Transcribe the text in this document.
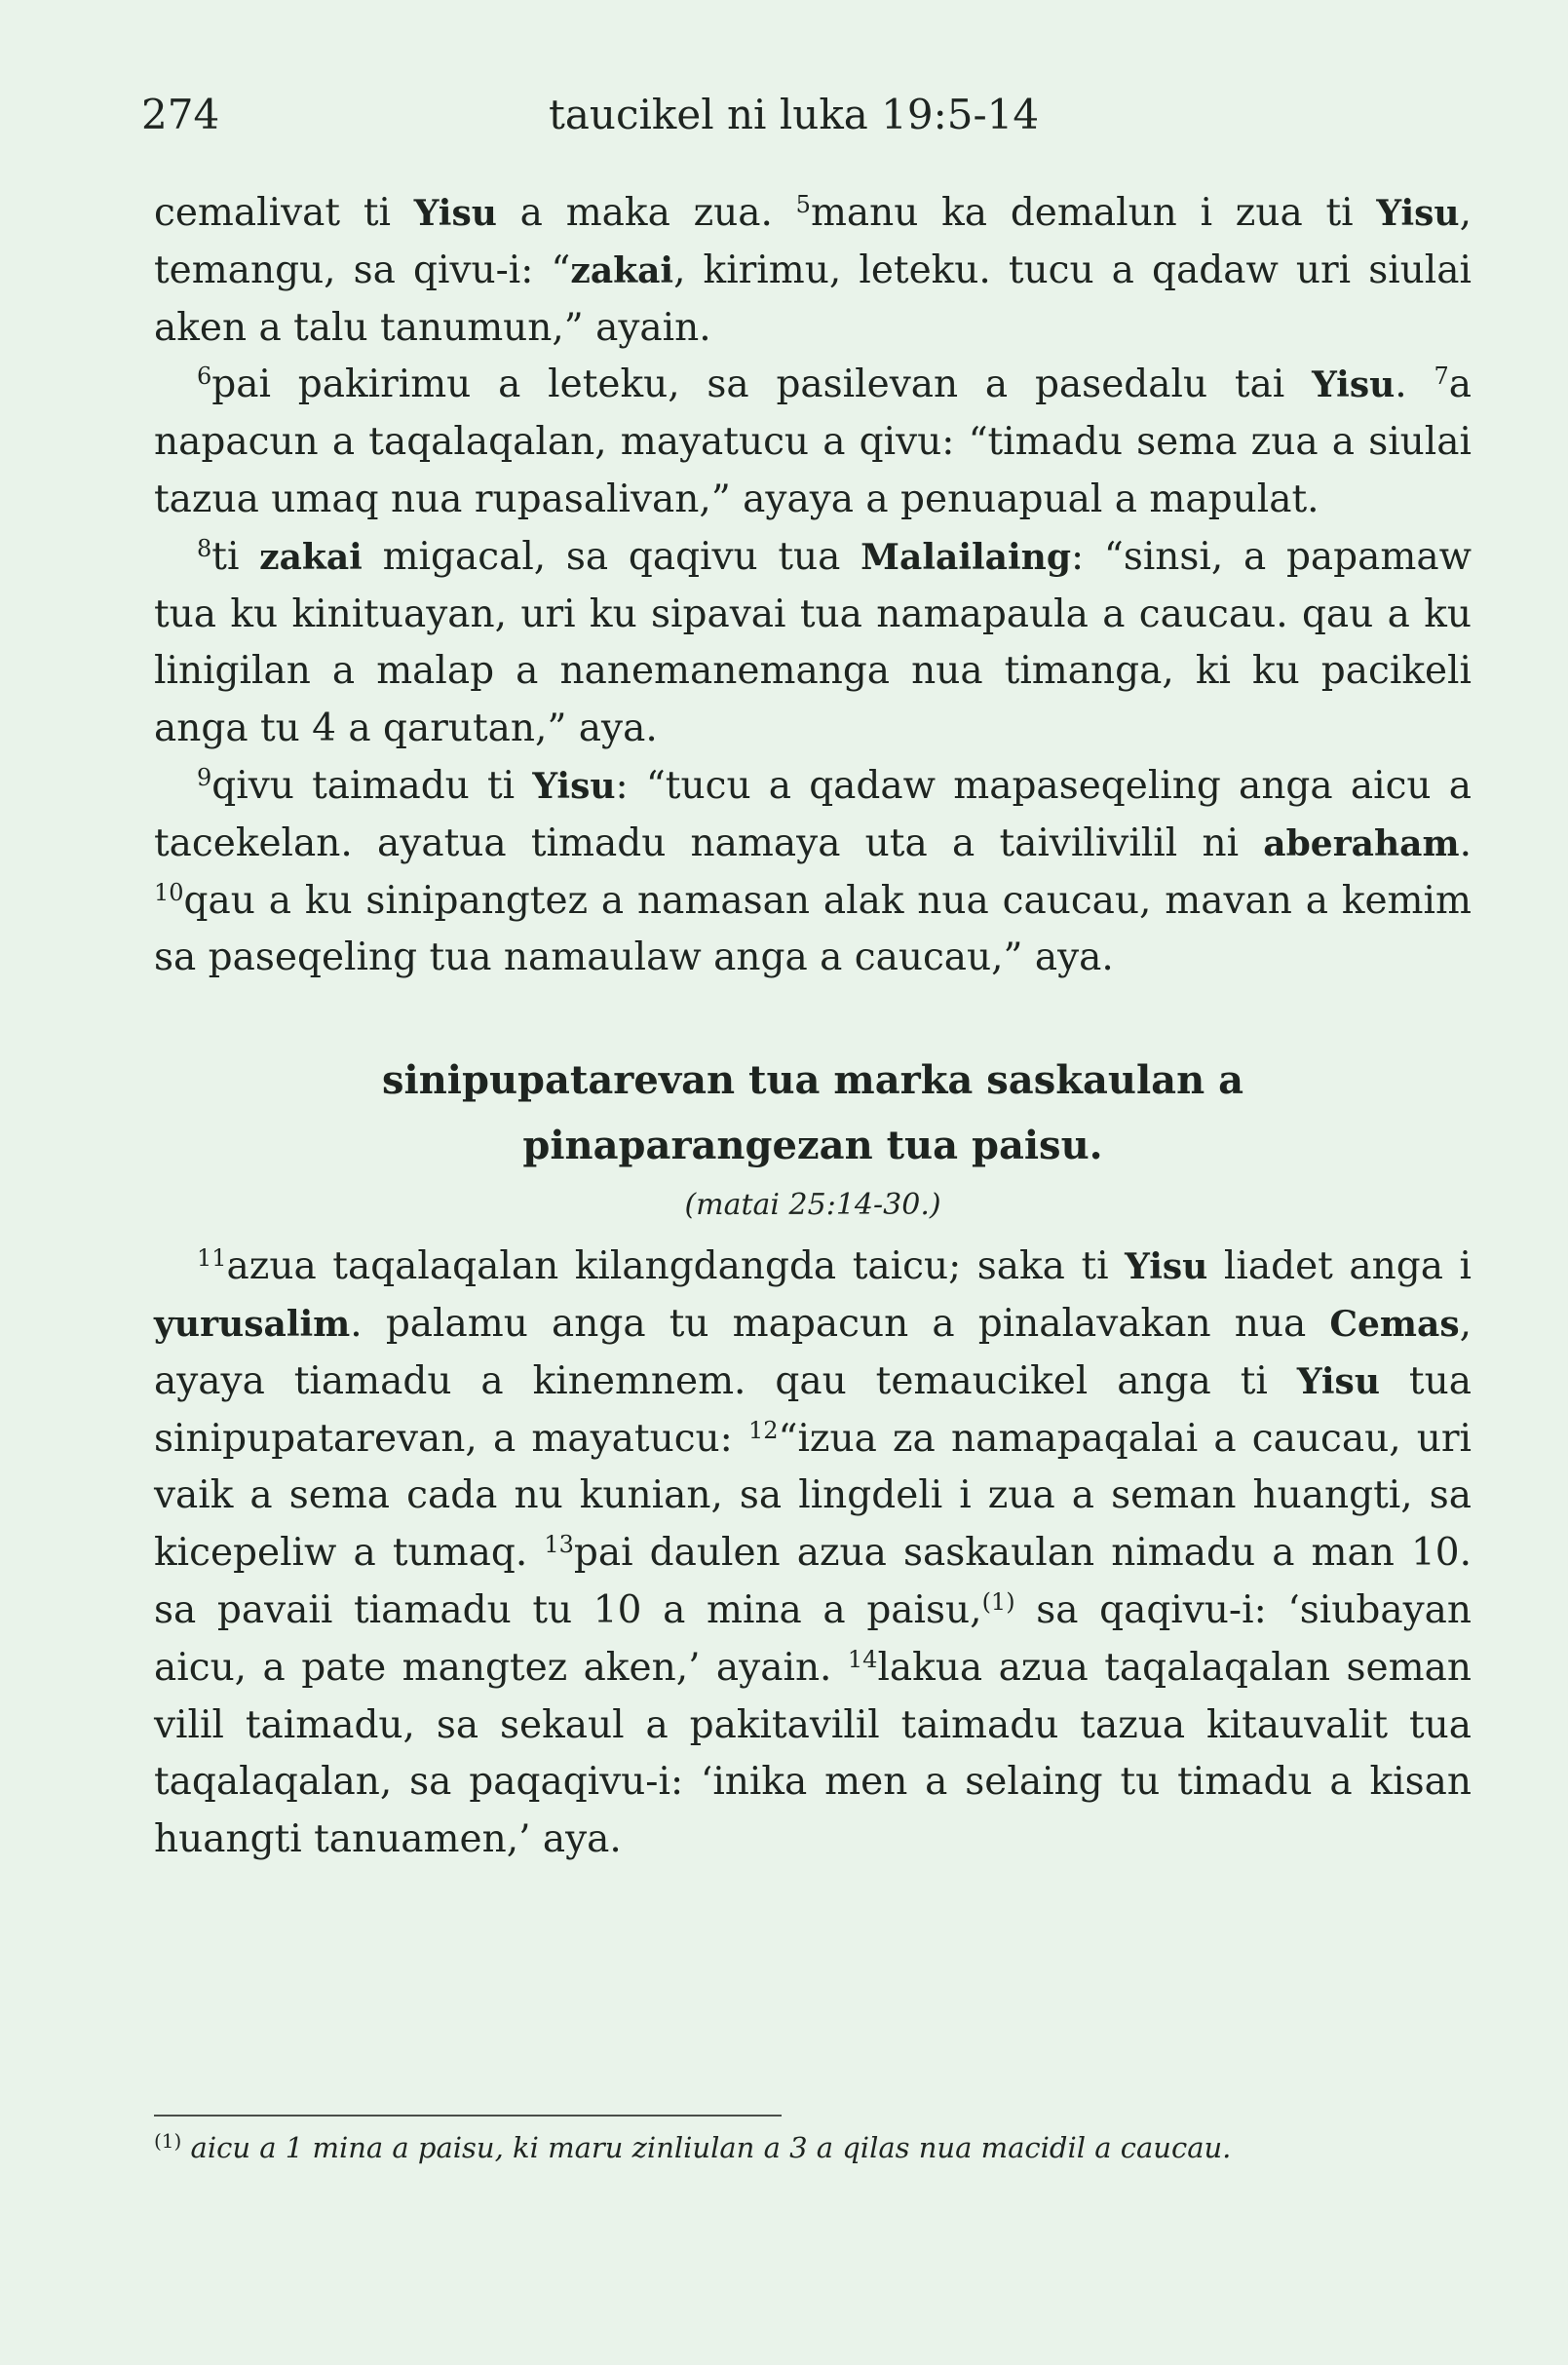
274	taucikel ni luka 19:5-14

cemalivat ti Yisu a maka zua. $^5$manu ka demalun i zua ti Yisu, temangu, sa qivu-i: “zakai, kirimu, leteku. tucu a qadaw uri siulai aken a talu tanumun,” ayain.

$^6$pai pakirimu a leteku, sa pasilevan a pasedalu tai Yisu. $^7$a napacun a taqalaqalan, mayatucu a qivu: “timadu sema zua a siulai tazua umaq nua rupasalivan,” ayaya a penuapual a mapulat.

$^8$ti zakai migacal, sa qaqivu tua Malailaing: “sinsi, a papamaw tua ku kinituayan, uri ku sipavai tua namapaula a caucau. qau a ku linigilan a malap a nanemanemanga nua timanga, ki ku pacikeli anga tu 4 a qarutan,” aya.

$^9$qivu taimadu ti Yisu: “tucu a qadaw mapaseqeling anga aicu a tacekelan. ayatua timadu namaya uta a taivilivilil ni aberaham. $^{10}$qau a ku sinipangtez a namasan alak nua caucau, mavan a kemim sa paseqeling tua namaulaw anga a caucau,” aya.

sinipupatarevan tua marka saskaulan a
pinaparangezan tua paisu.
(matai 25:14-30.)

$^{11}$azua taqalaqalan kilangdangda taicu; saka ti Yisu liadet anga i yurusalim. palamu anga tu mapacun a pinalavakan nua Cemas, ayaya tiamadu a kinemnem. qau temaucikel anga ti Yisu tua sinipupatarevan, a mayatucu: $^{12}$“izua za namapaqalai a caucau, uri vaik a sema cada nu kunian, sa lingdeli i zua a seman huangti, sa kicepeliw a tumaq. $^{13}$pai daulen azua saskaulan nimadu a man 10. sa pavaii tiamadu tu 10 a mina a paisu,$^{(1)}$ sa qaqivu-i: ‘siubayan aicu, a pate mangtez aken,’ ayain. $^{14}$lakua azua taqalaqalan seman vilil taimadu, sa sekaul a pakitavilil taimadu tazua kitauvalit tua taqalaqalan, sa paqaqivu-i: ‘inika men a selaing tu timadu a kisan huangti tanuamen,’ aya.

$^{(1)}$ aicu a 1 mina a paisu, ki maru zinliulan a 3 a qilas nua macidil a caucau.
